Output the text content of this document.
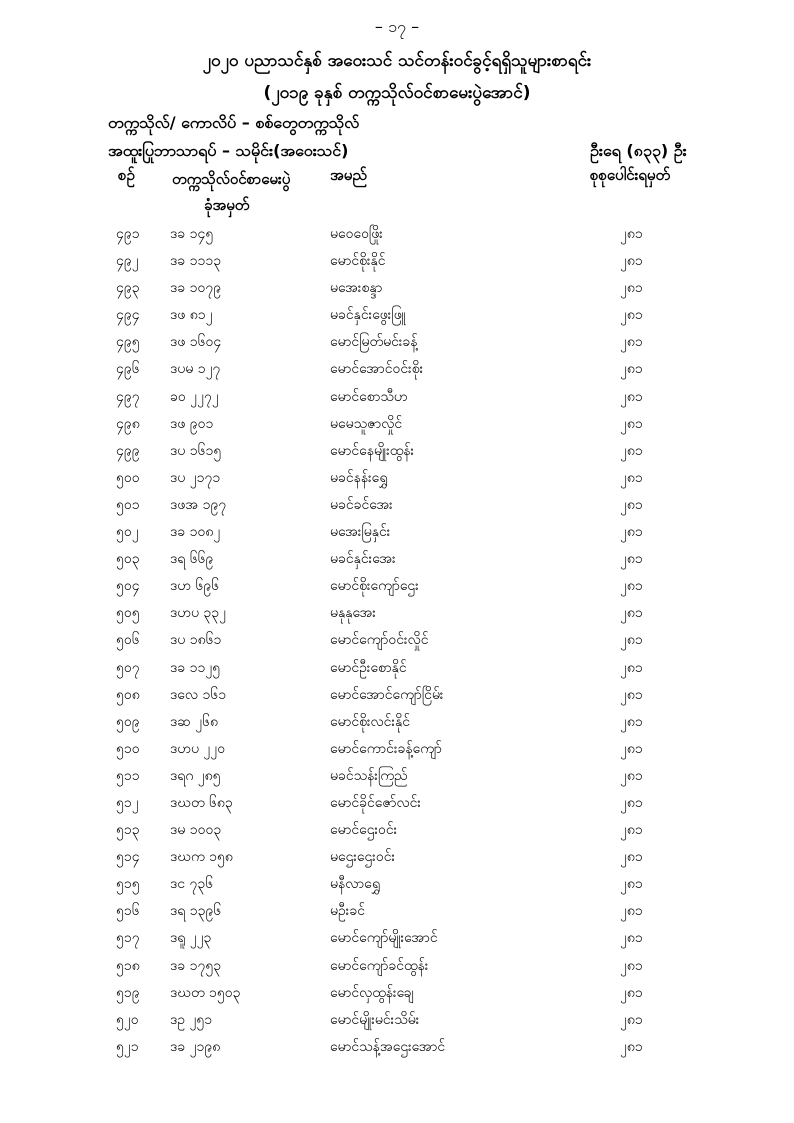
– ၁၇ –
၂၀၂၀ ပညာသင်နှစ် အဝေးသင် သင်တန်းဝင်ခွင့်ရရှိသူများစာရင်း
(၂၀၁၉ ခုနှစ် တက္ကသိုလ်ဝင်စာမေးပွဲအောင်)
တက္ကသိုလ်/ ကောလိပ် – စစ်တွေတက္ကသိုလ်
အထူးပြုဘာသာရပ် – သမိုင်း(အဝေးသင်)	ဦးရေ (၈၃၃) ဦး
စဉ် တက္ကသိုလ်ဝင်စာမေးပွဲ
ခုံအမှတ်
အမည်	စုစုပေါင်းရမှတ်
၄၉၁ ဒခ ၁၄၅	မဝေဝေဖြိုး	၂၈၁
၄၉၂ ဒခ ၁၁၁၃	မောင်စိုးနိုင်	၂၈၁
၄၉၃ ဒခ ၁၀၇၉	မအေးစန္ဒာ	၂၈၁
၄၉၄ ဒဖ ၈၁၂	မခင်နှင်းဖွေးဖြူ	၂၈၁
၄၉၅ ဒဖ ၁၆၀၄	မောင်မြတ်မင်းခန့်	၂၈၁
၄၉၆ ဒပမ ၁၂၇	မောင်အောင်ဝင်းစိုး	၂၈၁
၄၉၇ ခဝ ၂၂၇၂	မောင်စောသီဟ	၂၈၁
၄၉၈ ဒဖ ၉၀၁	မမေသူဇာလှိုင်	၂၈၁
၄၉၉ ဒပ ၁၆၁၅	မောင်နေမျိုးထွန်း	၂၈၁
၅၀၀ ဒပ ၂၁၇၁	မခင်နန်းရွှေ	၂၈၁
၅၀၁ ဒဖအ ၁၉၇	မခင်ခင်အေး	၂၈၁
၅၀၂ ဒခ ၁၀၈၂	မအေးမြနှင်း	၂၈၁
၅၀၃ ဒရ ၆၆၉	မခင်နှင်းအေး	၂၈၁
၅၀၄ ဒဟ ၆၉၆	မောင်စိုးကျော်ဌေး	၂၈၁
၅၀၅ ဒဟပ ၃၃၂	မနုနုအေး	၂၈၁
၅၀၆ ဒပ ၁၈၆၁	မောင်ကျော်ဝင်းလှိုင်	၂၈၁
၅၀၇ ဒခ ၁၁၂၅	မောင်ဦးစောနိုင်	၂၈၁
၅၀၈ ဒလေ ၁၆၁	မောင်အောင်ကျော်ငြိမ်း	၂၈၁
၅၀၉ ဒဆ ၂၆၈	မောင်စိုးလင်းနိုင်	၂၈၁
၅၁၀ ဒဟပ ၂၂၀	မောင်ကောင်းခန့်ကျော်	၂၈၁
၅၁၁ ဒရဂ ၂၈၅	မခင်သန်းကြည်	၂၈၁
၅၁၂ ဒဃတ ၆၈၃	မောင်ခိုင်ဇော်လင်း	၂၈၁
၅၁၃ ဒမ ၁၀၀၃	မောင်ဌေးဝင်း	၂၈၁
၅၁၄ ဒဃက ၁၅၈	မဌေးဌေးဝင်း	၂၈၁
၅၁၅ ဒင ၇၃၆	မနီလာရွှေ	၂၈၁
၅၁၆ ဒရ ၁၃၉၆	မဦးခင်	၂၈၁
၅၁၇ ဒရူ ၂၂၃	မောင်ကျော်မျိုးအောင်	၂၈၁
၅၁၈ ဒခ ၁၇၅၃	မောင်ကျော်ခင်ထွန်း	၂၈၁
၅၁၉ ဒဃတ ၁၅၀၃	မောင်လှထွန်းချေ	၂၈၁
၅၂၀ ဒဥ ၂၅၁	မောင်မျိုးမင်းသိမ်း	၂၈၁
၅၂၁ ဒခ ၂၁၉၈	မောင်သန့်အဌေးအောင်	၂၈၁
